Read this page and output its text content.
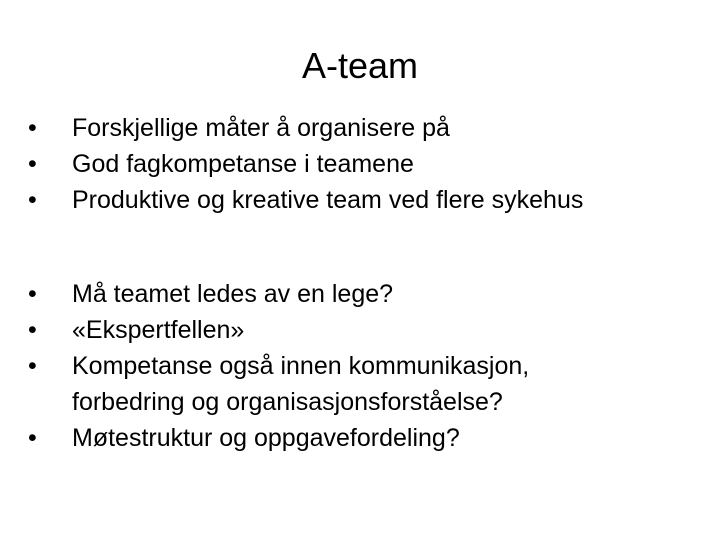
A-team
•	Forskjellige måter å organisere på
•	God fagkompetanse i teamene
•	Produktive og kreative team ved flere sykehus
•	Må teamet ledes av en lege?
•	«Ekspertfellen»
•	Kompetanse også innen kommunikasjon,
forbedring og organisasjonsforståelse?
•	Møtestruktur og oppgavefordeling?
